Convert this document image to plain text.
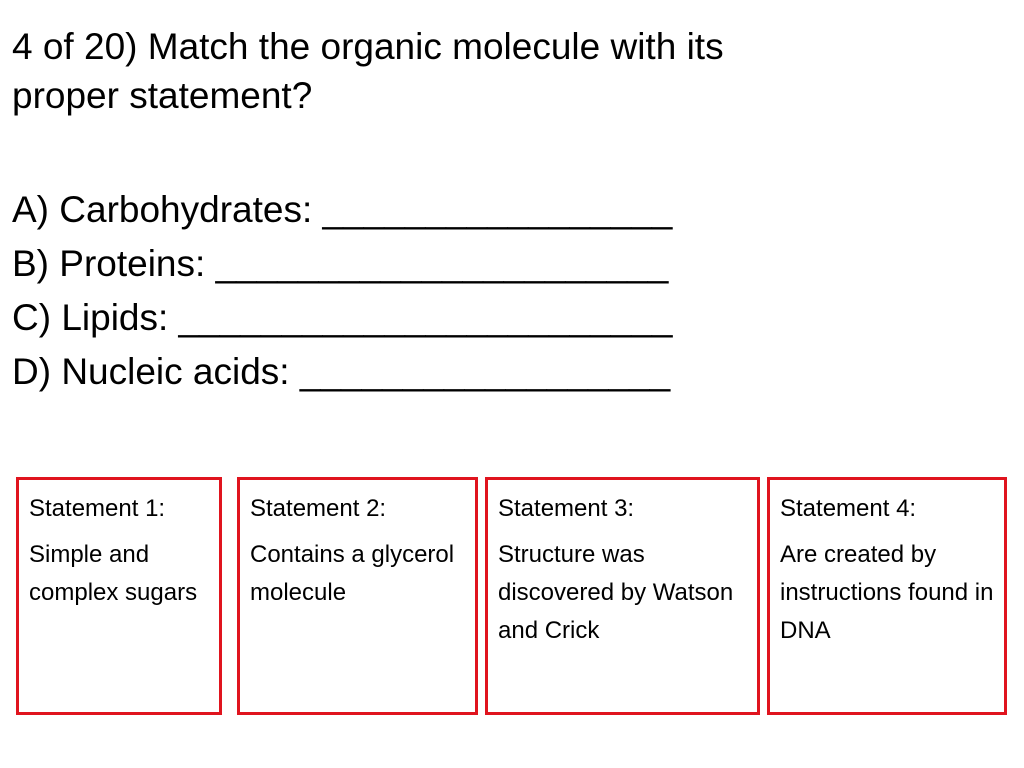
4 of 20) Match the organic molecule with its
proper statement?
A) Carbohydrates: _________________
B) Proteins: ______________________
C) Lipids: ________________________
D) Nucleic acids: __________________
Statement 1:
Simple and complex sugars
Statement 2:
Contains a glycerol molecule
Statement 3:
Structure was discovered by Watson and Crick
Statement 4:
Are created by instructions found in DNA
